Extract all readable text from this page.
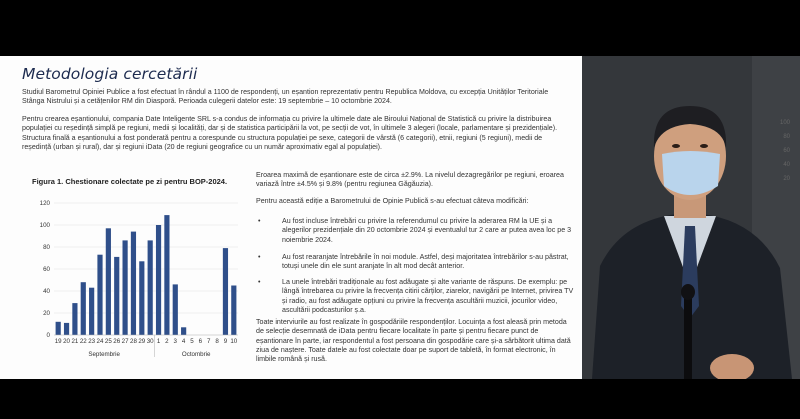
Metodologia cercetării
Studiul Barometrul Opiniei Publice a fost efectuat în rândul a 1100 de respondenți, un eșantion reprezentativ pentru Republica Moldova, cu excepția Unităților Teritoriale Stânga Nistrului și a cetățenilor RM din Diasporă. Perioada culegerii datelor este: 19 septembrie – 10 octombrie 2024.
Pentru crearea eșantionului, compania Date Inteligente SRL s-a condus de informația cu privire la ultimele date ale Biroului Național de Statistică cu privire la distribuirea populației cu reședință simplă pe regiuni, medii și localități, dar și de statistica participării la vot, pe secții de vot, în ultimele 3 alegeri (locale, parlamentare și prezidențiale). Structura finală a eșantionului a fost ponderată pentru a corespunde cu structura populației pe sexe, categorii de vârstă (6 categorii), etnii, regiuni (5 regiuni), medii de reședință (urban și rural), dar și regiuni iData (20 de regiuni geografice cu un număr aproximativ egal al populației).
Figura 1. Chestionare colectate pe zi pentru BOP-2024.
0
20
40
60
80
100
120
19 20 21 22 23 24 25 26 27 28 29 30 1 2 3 4 5 6 7 8 9 10
Septembrie	Octombrie
Eroarea maximă de eșantionare este de circa ±2.9%. La nivelul dezagregărilor pe regiuni, eroarea variază între ±4.5% și 9.8% (pentru regiunea Găgăuzia).
Pentru această ediție a Barometrului de Opinie Publică s-au efectuat câteva modificări:
•	Au fost incluse întrebări cu privire la referendumul cu privire la aderarea RM la UE și a alegerilor prezidențiale din 20 octombrie 2024 și eventualul tur 2 care ar putea avea loc pe 3 noiembrie 2024.
•	Au fost rearanjate întrebările în noi module. Astfel, deși majoritatea întrebărilor s-au păstrat, totuși unele din ele sunt aranjate în alt mod decât anterior.
•	La unele întrebări tradiționale au fost adăugate și alte variante de răspuns. De exemplu: pe lângă întrebarea cu privire la frecvența citirii cărților, ziarelor, navigării pe Internet, privirea TV și radio, au fost adăugate opțiuni cu privire la frecvența ascultării muzicii, jocurilor video, ascultării podcasturilor ș.a.
Toate interviurile au fost realizate în gospodăriile respondenților. Locuința a fost aleasă prin metoda de selecție desemnată de iData pentru fiecare localitate în parte și pentru fiecare punct de eșantionare în parte, iar respondentul a fost persoana din gospodărie care și-a sărbătorit ultima dată ziua de naștere. Toate datele au fost colectate doar pe suport de tabletă, în format electronic, în limbile română și rusă.
100
80
60
40
20
